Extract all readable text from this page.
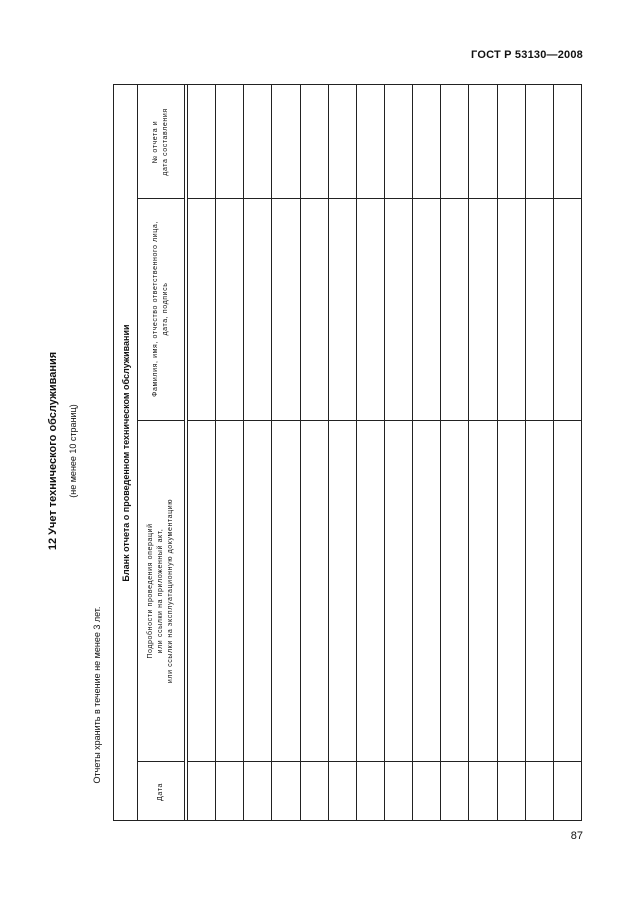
ГОСТ Р 53130—2008
12 Учет технического обслуживания (не менее 10 страниц)
Отчеты хранить в течение не менее 3 лет.
Бланк отчета о проведенном техническом обслуживании
№ отчета и дата составления
Фамилия, имя, отчество ответственного лица, дата, подпись
Подробности проведения операций или ссылки на приложенный акт, или ссылки на эксплуатационную документацию
Дата
87
